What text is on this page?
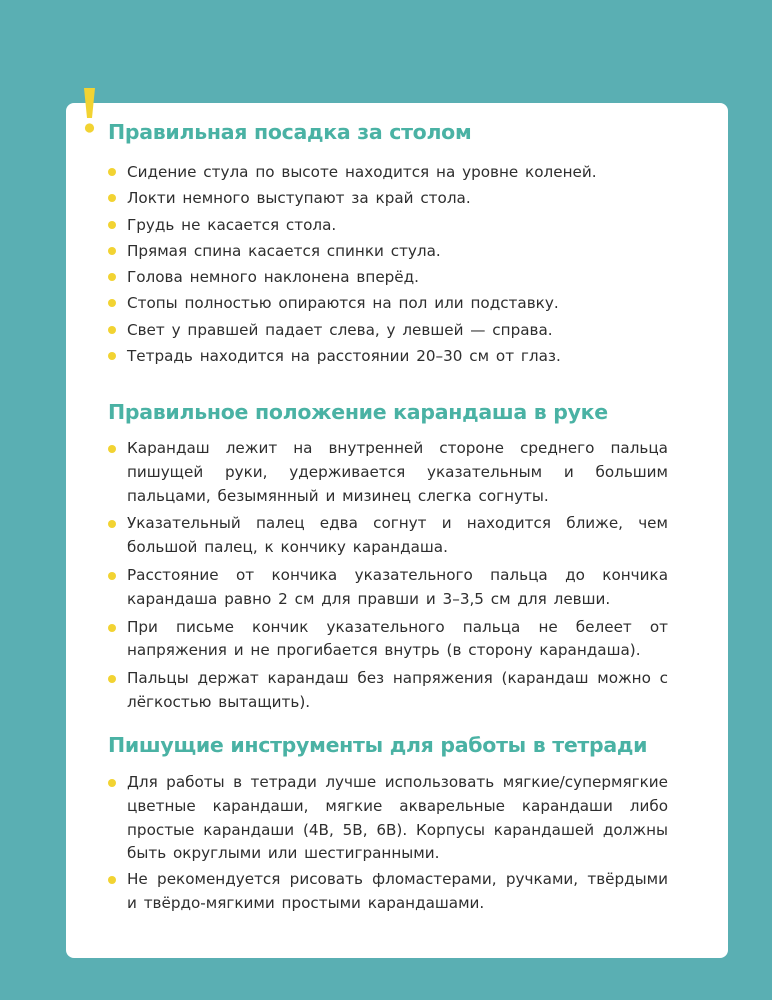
Правильная посадка за столом
Сидение стула по высоте находится на уровне коленей.
Локти немного выступают за край стола.
Грудь не касается стола.
Прямая спина касается спинки стула.
Голова немного наклонена вперёд.
Стопы полностью опираются на пол или подставку.
Свет у правшей падает слева, у левшей — справа.
Тетрадь находится на расстоянии 20–30 см от глаз.
Правильное положение карандаша в руке
Карандаш лежит на внутренней стороне среднего пальца пишущей руки, удерживается указательным и большим пальцами, безымянный и мизинец слегка согнуты.
Указательный палец едва согнут и находится ближе, чем большой палец, к кончику карандаша.
Расстояние от кончика указательного пальца до кончика карандаша равно 2 см для правши и 3–3,5 см для левши.
При письме кончик указательного пальца не белеет от напряжения и не прогибается внутрь (в сторону карандаша).
Пальцы держат карандаш без напряжения (карандаш можно с лёгкостью вытащить).
Пишущие инструменты для работы в тетради
Для работы в тетради лучше использовать мягкие/супермягкие цветные карандаши, мягкие акварельные карандаши либо простые карандаши (4B, 5B, 6B). Корпусы карандашей должны быть округлыми или шестигранными.
Не рекомендуется рисовать фломастерами, ручками, твёрдыми и твёрдо-мягкими простыми карандашами.
